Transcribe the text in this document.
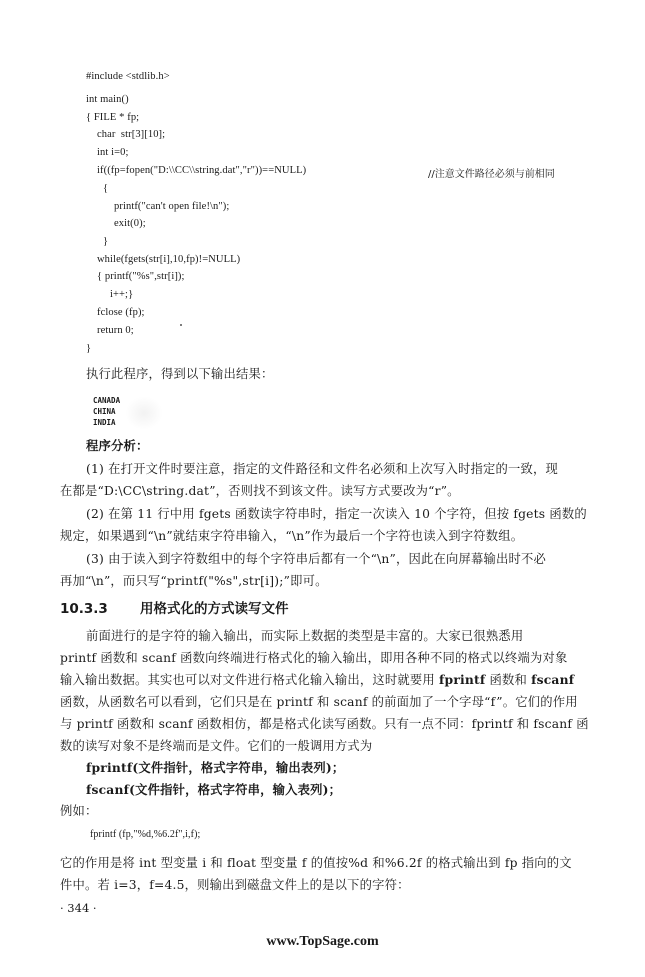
#include <stdlib.h>
int main()
{ FILE * fp;
char  str[3][10];
int i=0;
if((fp=fopen("D:\\CC\\string.dat","r"))==NULL)	//注意文件路径必须与前相同
{
printf("can't open file!\n");
exit(0);
}
while(fgets(str[i],10,fp)!=NULL)
{ printf("%s",str[i]);
i++;}
fclose (fp);
return 0;
}
执行此程序，得到以下输出结果：
CANADA
CHINA
INDIA
程序分析：
(1) 在打开文件时要注意，指定的文件路径和文件名必须和上次写入时指定的一致，现
在都是“D:\CC\string.dat”，否则找不到该文件。读写方式要改为“r”。
(2) 在第 11 行中用 fgets 函数读字符串时，指定一次读入 10 个字符，但按 fgets 函数的
规定，如果遇到“\n”就结束字符串输入，“\n”作为最后一个字符也读入到字符数组。
(3) 由于读入到字符数组中的每个字符串后都有一个“\n”，因此在向屏幕输出时不必
再加“\n”，而只写“printf("%s",str[i]);”即可。
10.3.3 用格式化的方式读写文件
前面进行的是字符的输入输出，而实际上数据的类型是丰富的。大家已很熟悉用
printf 函数和 scanf 函数向终端进行格式化的输入输出，即用各种不同的格式以终端为对象
输入输出数据。其实也可以对文件进行格式化输入输出，这时就要用 fprintf 函数和 fscanf
函数，从函数名可以看到，它们只是在 printf 和 scanf 的前面加了一个字母“f”。它们的作用
与 printf 函数和 scanf 函数相仿，都是格式化读写函数。只有一点不同：fprintf 和 fscanf 函
数的读写对象不是终端而是文件。它们的一般调用方式为
fprintf(文件指针，格式字符串，输出表列)；
fscanf(文件指针，格式字符串，输入表列)；
例如：
fprintf (fp,"%d,%6.2f",i,f);
它的作用是将 int 型变量 i 和 float 型变量 f 的值按%d 和%6.2f 的格式输出到 fp 指向的文
件中。若 i=3，f=4.5，则输出到磁盘文件上的是以下的字符：
· 344 ·
www.TopSage.com
